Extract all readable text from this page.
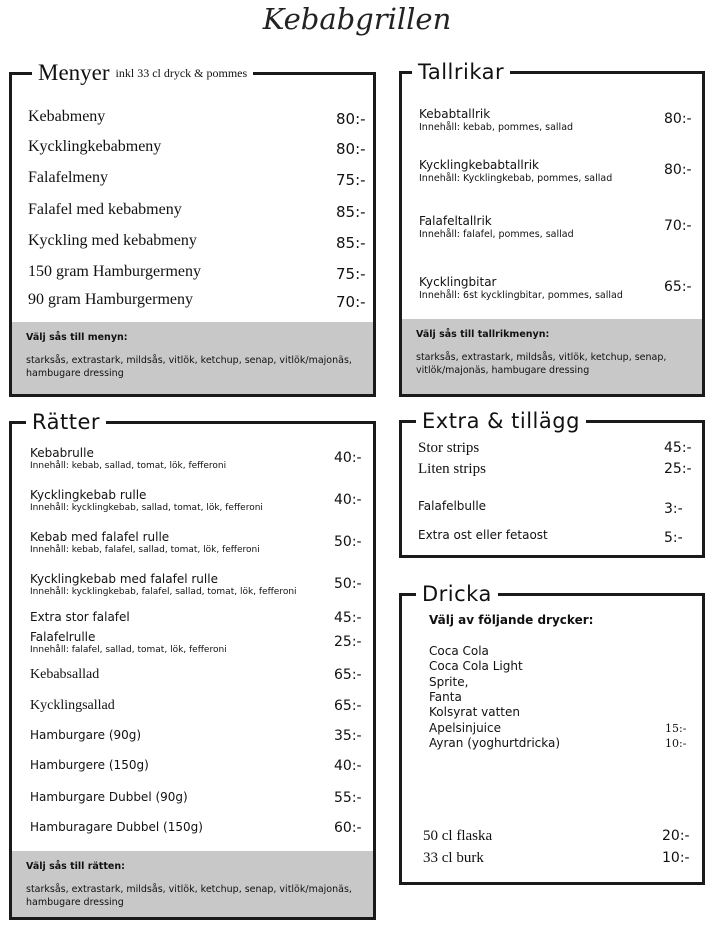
Kebabgrillen
Menyer inkl 33 cl dryck & pommes
Kebabmeny	80:-
Kycklingkebabmeny	80:-
Falafelmeny	75:-
Falafel med kebabmeny	85:-
Kyckling med kebabmeny	85:-
150 gram Hamburgermeny	75:-
90 gram Hamburgermeny	70:-
Välj sås till menyn:
starksås, extrastark, mildsås, vitlök, ketchup, senap, vitlök/majonäs, hambugare dressing
Tallrikar
Kebabtallrik
Innehåll: kebab, pommes, sallad
80:-
Kycklingkebabtallrik
Innehåll: Kycklingkebab, pommes, sallad
80:-
Falafeltallrik
Innehåll: falafel, pommes, sallad
70:-
Kycklingbitar
Innehåll: 6st kycklingbitar, pommes, sallad
65:-
Välj sås till tallrikmenyn:
starksås, extrastark, mildsås, vitlök, ketchup, senap, vitlök/majonäs, hambugare dressing
Rätter
Kebabrulle
Innehåll: kebab, sallad, tomat, lök, fefferoni	40:-
Kycklingkebab rulle
Innehåll: kycklingkebab, sallad, tomat, lök, fefferoni	40:-
Kebab med falafel rulle
Innehåll: kebab, falafel, sallad, tomat, lök, fefferoni	50:-
Kycklingkebab med falafel rulle
Innehåll: kycklingkebab, falafel, sallad, tomat, lök, fefferoni	50:-
Extra stor falafel	45:-
Falafelrulle
Innehåll: falafel, sallad, tomat, lök, fefferoni	25:-
Kebabsallad	65:-
Kycklingsallad	65:-
Hamburgare (90g)	35:-
Hamburgere (150g)	40:-
Hamburgare Dubbel (90g)	55:-
Hamburagare Dubbel (150g)	60:-
Välj sås till rätten:
starksås, extrastark, mildsås, vitlök, ketchup, senap, vitlök/majonäs, hambugare dressing
Extra & tillägg
Stor strips	45:-
Liten strips	25:-
Falafelbulle	3:-
Extra ost eller fetaost	5:-
Dricka
Välj av följande drycker:
Coca Cola
Coca Cola Light
Sprite,
Fanta
Kolsyrat vatten
Apelsinjuice	15:-
Ayran (yoghurtdricka)	10:-
50 cl flaska	20:-
33 cl burk	10:-
